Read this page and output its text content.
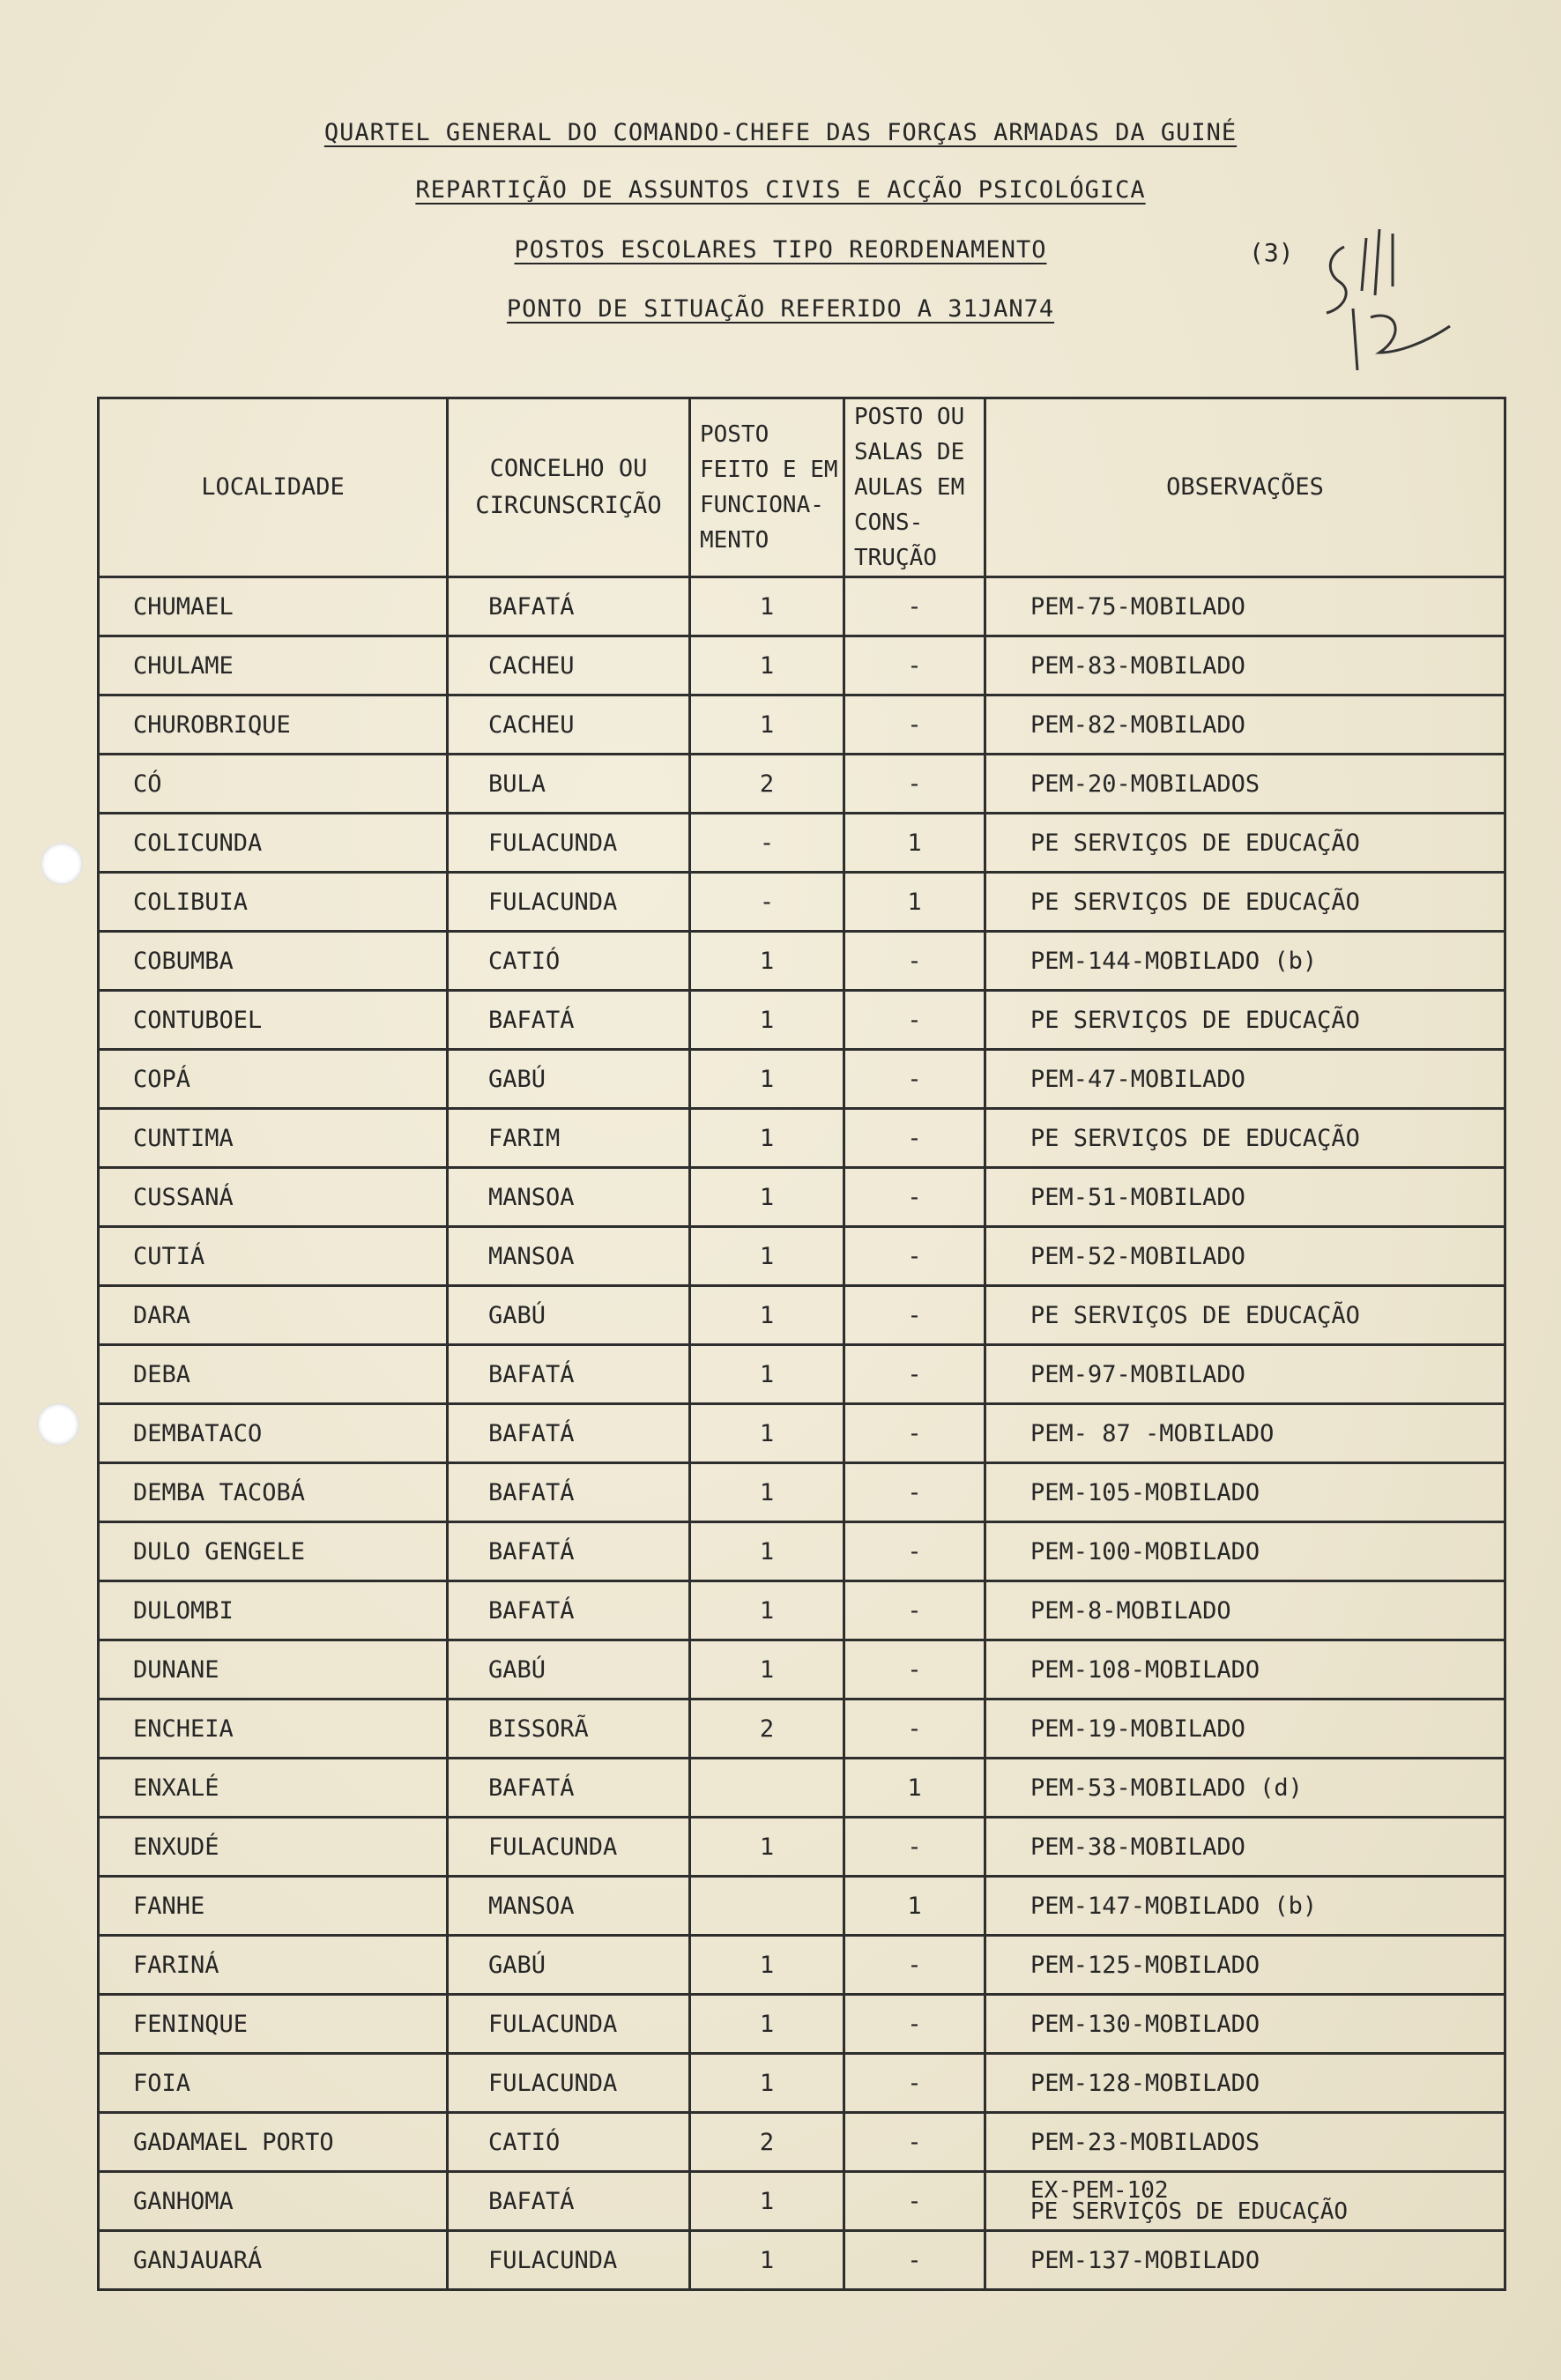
QUARTEL GENERAL DO COMANDO-CHEFE DAS FORÇAS ARMADAS DA GUINÉ
REPARTIÇÃO DE ASSUNTOS CIVIS E ACÇÃO PSICOLÓGICA
POSTOS ESCOLARES TIPO REORDENAMENTO
PONTO DE SITUAÇÃO REFERIDO A 31JAN74
(3)
LOCALIDADE	CONCELHO OU CIRCUNSCRIÇÃO	POSTO FEITO E EM FUNCIONA-MENTO	POSTO OU SALAS DE AULAS EM CONS-TRUÇÃO	OBSERVAÇÕES
CHUMAEL	BAFATÁ	1	-	PEM-75-MOBILADO
CHULAME	CACHEU	1	-	PEM-83-MOBILADO
CHUROBRIQUE	CACHEU	1	-	PEM-82-MOBILADO
CÓ	BULA	2	-	PEM-20-MOBILADOS
COLICUNDA	FULACUNDA	-	1	PE SERVIÇOS DE EDUCAÇÃO
COLIBUIA	FULACUNDA	-	1	PE SERVIÇOS DE EDUCAÇÃO
COBUMBA	CATIÓ	1	-	PEM-144-MOBILADO (b)
CONTUBOEL	BAFATÁ	1	-	PE SERVIÇOS DE EDUCAÇÃO
COPÁ	GABÚ	1	-	PEM-47-MOBILADO
CUNTIMA	FARIM	1	-	PE SERVIÇOS DE EDUCAÇÃO
CUSSANÁ	MANSOA	1	-	PEM-51-MOBILADO
CUTIÁ	MANSOA	1	-	PEM-52-MOBILADO
DARA	GABÚ	1	-	PE SERVIÇOS DE EDUCAÇÃO
DEBA	BAFATÁ	1	-	PEM-97-MOBILADO
DEMBATACO	BAFATÁ	1	-	PEM- 87 -MOBILADO
DEMBA TACOBÁ	BAFATÁ	1	-	PEM-105-MOBILADO
DULO GENGELE	BAFATÁ	1	-	PEM-100-MOBILADO
DULOMBI	BAFATÁ	1	-	PEM-8-MOBILADO
DUNANE	GABÚ	1	-	PEM-108-MOBILADO
ENCHEIA	BISSORÃ	2	-	PEM-19-MOBILADO
ENXALÉ	BAFATÁ		1	PEM-53-MOBILADO (d)
ENXUDÉ	FULACUNDA	1	-	PEM-38-MOBILADO
FANHE	MANSOA		1	PEM-147-MOBILADO (b)
FARINÁ	GABÚ	1	-	PEM-125-MOBILADO
FENINQUE	FULACUNDA	1	-	PEM-130-MOBILADO
FOIA	FULACUNDA	1	-	PEM-128-MOBILADO
GADAMAEL PORTO	CATIÓ	2	-	PEM-23-MOBILADOS
GANHOMA	BAFATÁ	1	-	EX-PEM-102
PE SERVIÇOS DE EDUCAÇÃO

GANJAUARÁ	FULACUNDA	1	-	PEM-137-MOBILADO
